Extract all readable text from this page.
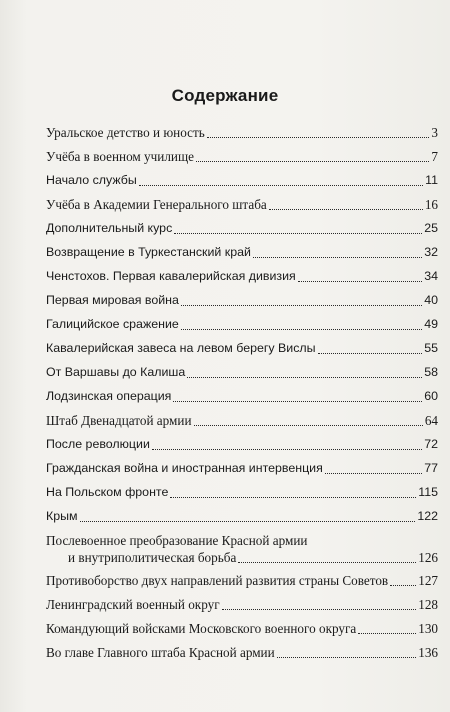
Содержание
Уральское детство и юность	3
Учёба в военном училище	7
Начало службы	11
Учёба в Академии Генерального штаба	16
Дополнительный курс	25
Возвращение в Туркестанский край	32
Ченстохов. Первая кавалерийская дивизия	34
Первая мировая война	40
Галицийское сражение	49
Кавалерийская завеса на левом берегу Вислы	55
От Варшавы до Калиша	58
Лодзинская операция	60
Штаб Двенадцатой армии	64
После революции	72
Гражданская война и иностранная интервенция	77
На Польском фронте	115
Крым	122
Послевоенное преобразование Красной армии
и внутриполитическая борьба	126
Противоборство двух направлений развития страны Советов 127
Ленинградский военный округ	128
Командующий войсками Московского военного округа	130
Во главе Главного штаба Красной армии	136
